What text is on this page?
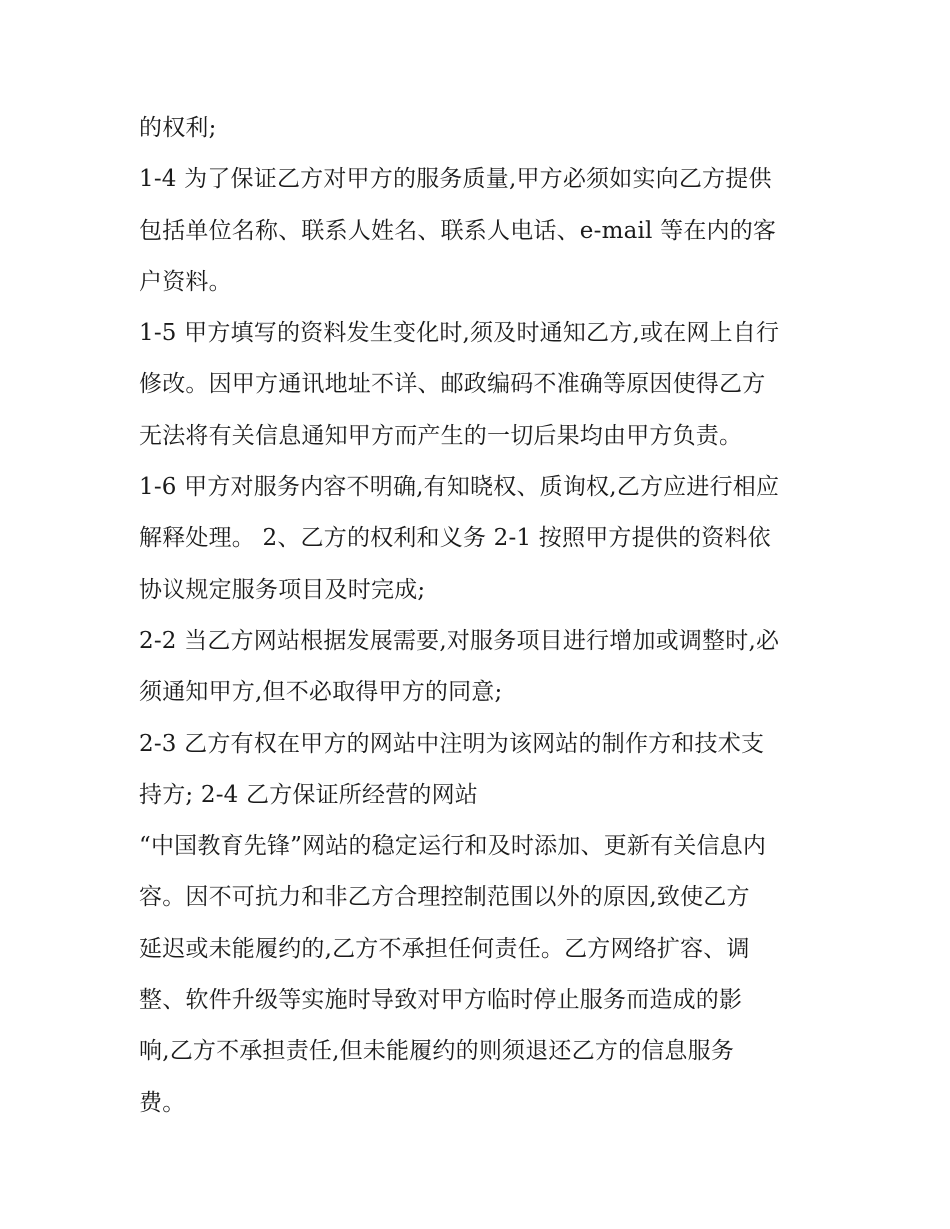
的权利;
1-4 为了保证乙方对甲方的服务质量,甲方必须如实向乙方提供
包括单位名称、联系人姓名、联系人电话、e-mail 等在内的客
户资料。
1-5 甲方填写的资料发生变化时,须及时通知乙方,或在网上自行
修改。因甲方通讯地址不详、邮政编码不准确等原因使得乙方
无法将有关信息通知甲方而产生的一切后果均由甲方负责。
1-6 甲方对服务内容不明确,有知晓权、质询权,乙方应进行相应
解释处理。 2、乙方的权利和义务 2-1 按照甲方提供的资料依
协议规定服务项目及时完成;
2-2 当乙方网站根据发展需要,对服务项目进行增加或调整时,必
须通知甲方,但不必取得甲方的同意;
2-3 乙方有权在甲方的网站中注明为该网站的制作方和技术支
持方; 2-4 乙方保证所经营的网站
“中国教育先锋”网站的稳定运行和及时添加、更新有关信息内
容。因不可抗力和非乙方合理控制范围以外的原因,致使乙方
延迟或未能履约的,乙方不承担任何责任。乙方网络扩容、调
整、软件升级等实施时导致对甲方临时停止服务而造成的影
响,乙方不承担责任,但未能履约的则须退还乙方的信息服务
费。
